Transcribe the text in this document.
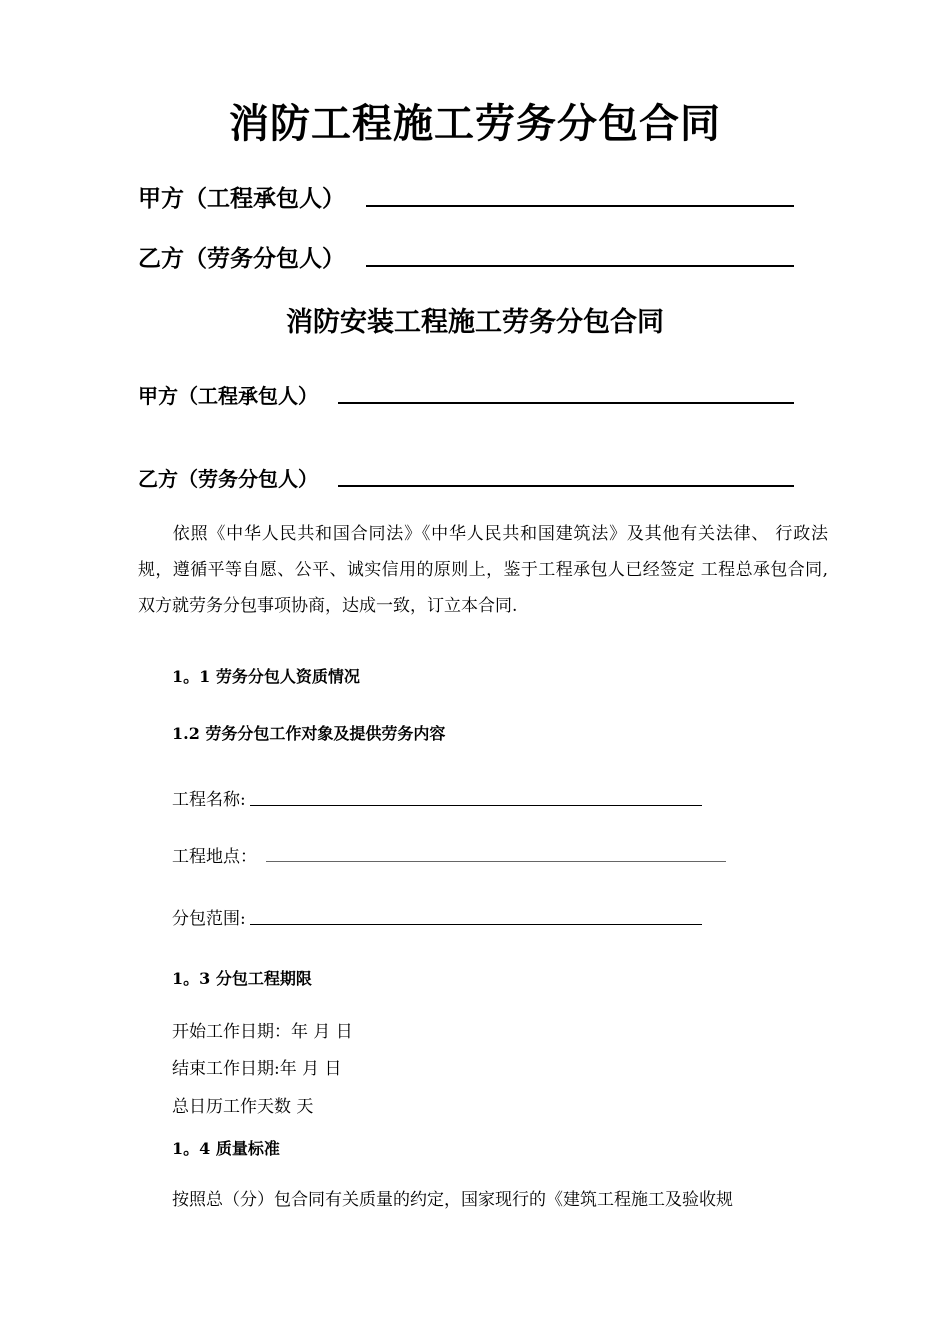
消防工程施工劳务分包合同
甲方（工程承包人）
乙方（劳务分包人）
消防安装工程施工劳务分包合同
甲方（工程承包人）
乙方（劳务分包人）
依照《中华人民共和国合同法》《中华人民共和国建筑法》及其他有关法律、 行政法规，遵循平等自愿、公平、诚实信用的原则上，鉴于工程承包人已经签定 工程总承包合同,双方就劳务分包事项协商，达成一致，订立本合同.
1。1 劳务分包人资质情况
1.2 劳务分包工作对象及提供劳务内容
工程名称:
工程地点：
分包范围:
1。3 分包工程期限
开始工作日期：年 月 日
结束工作日期:年 月 日
总日历工作天数 天
1。4 质量标准
按照总（分）包合同有关质量的约定，国家现行的《建筑工程施工及验收规
